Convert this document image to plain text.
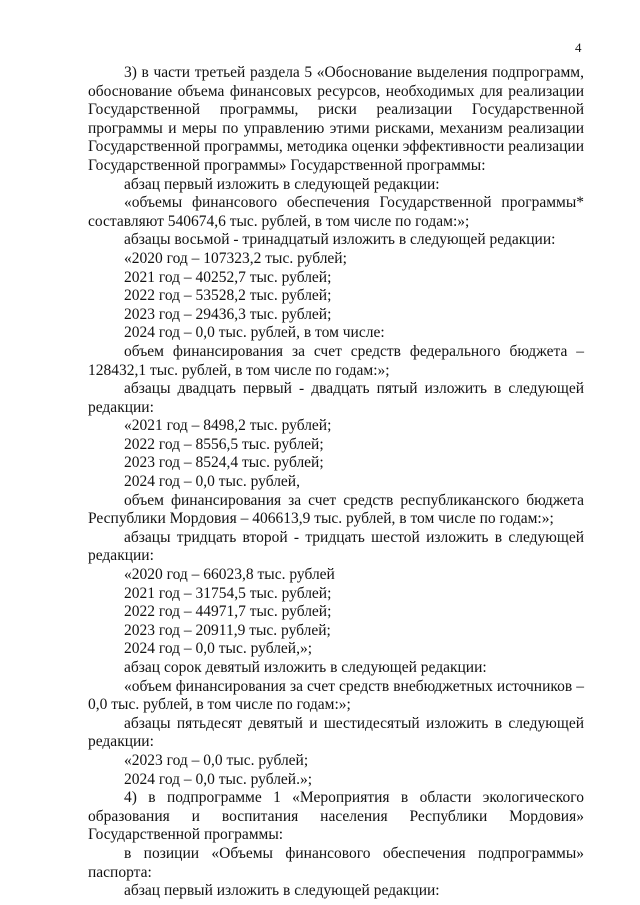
4

3) в части третьей раздела 5 «Обоснование выделения подпрограмм, обоснование объема финансовых ресурсов, необходимых для реализации Государственной программы, риски реализации Государственной программы и меры по управлению этими рисками, механизм реализации Государственной программы, методика оценки эффективности реализации Государственной программы» Государственной программы:

абзац первый изложить в следующей редакции:

«объемы финансового обеспечения Государственной программы* составляют 540674,6 тыс. рублей, в том числе по годам:»;

абзацы восьмой - тринадцатый изложить в следующей редакции:

«2020 год – 107323,2 тыс. рублей;

2021 год – 40252,7 тыс. рублей;

2022 год – 53528,2 тыс. рублей;

2023 год – 29436,3 тыс. рублей;

2024 год – 0,0 тыс. рублей, в том числе:

объем финансирования за счет средств федерального бюджета – 128432,1 тыс. рублей, в том числе по годам:»;

абзацы двадцать первый - двадцать пятый изложить в следующей редакции:

«2021 год – 8498,2 тыс. рублей;

2022 год – 8556,5 тыс. рублей;

2023 год – 8524,4 тыс. рублей;

2024 год – 0,0 тыс. рублей,

объем финансирования за счет средств республиканского бюджета Республики Мордовия – 406613,9 тыс. рублей, в том числе по годам:»;

абзацы тридцать второй - тридцать шестой изложить в следующей редакции:

«2020 год – 66023,8 тыс. рублей

2021 год – 31754,5 тыс. рублей;

2022 год – 44971,7 тыс. рублей;

2023 год – 20911,9 тыс. рублей;

2024 год – 0,0 тыс. рублей,»;

абзац сорок девятый изложить в следующей редакции:

«объем финансирования за счет средств внебюджетных источников – 0,0 тыс. рублей, в том числе по годам:»;

абзацы пятьдесят девятый и шестидесятый изложить в следующей редакции:

«2023 год – 0,0 тыс. рублей;

2024 год – 0,0 тыс. рублей.»;

4) в подпрограмме 1 «Мероприятия в области экологического образования и воспитания населения Республики Мордовия» Государственной программы:

в позиции «Объемы финансового обеспечения подпрограммы» паспорта:

абзац первый изложить в следующей редакции:
